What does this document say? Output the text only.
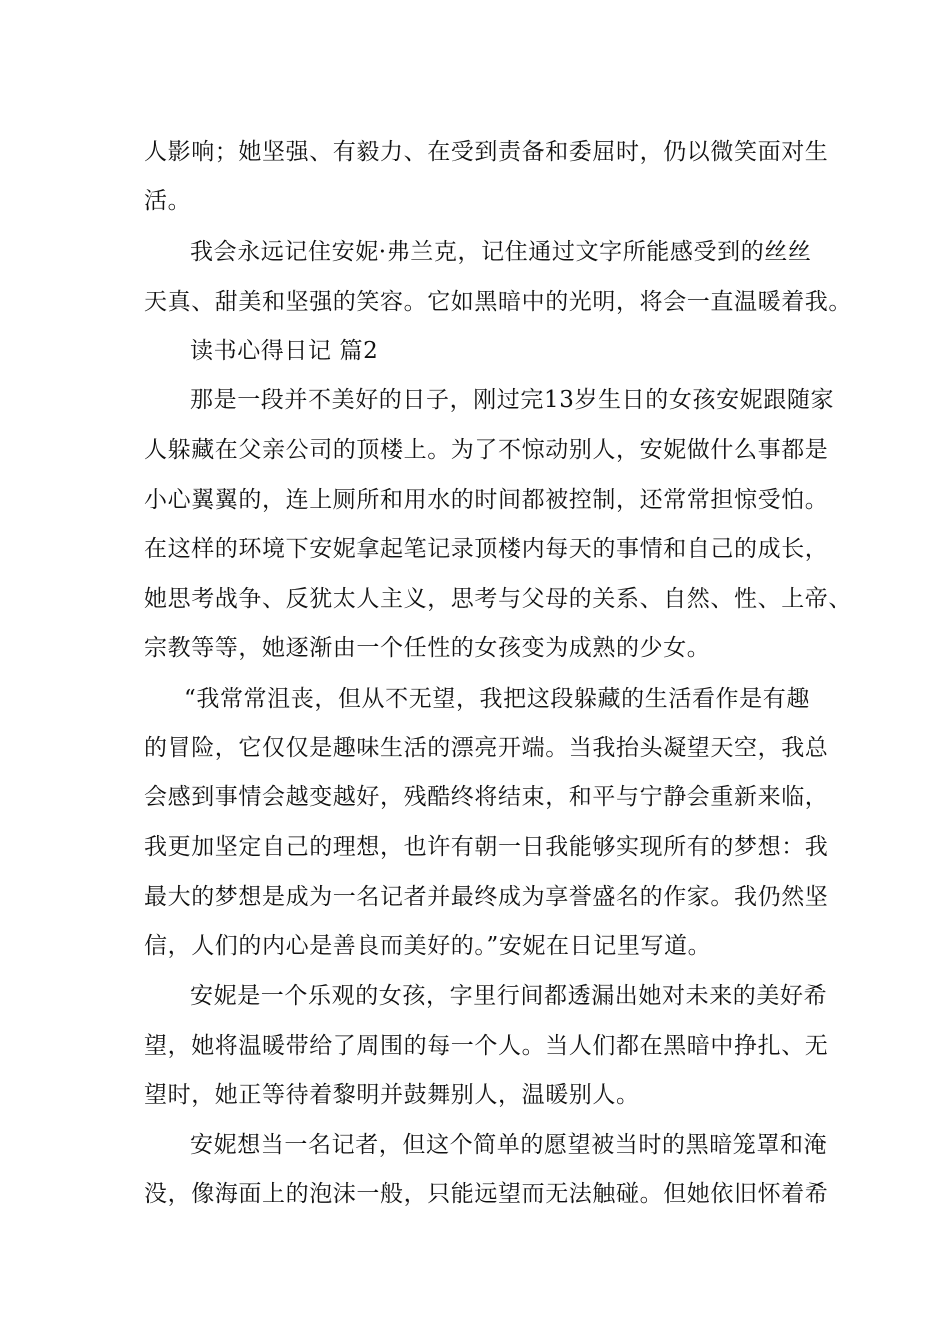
人影响；她坚强、有毅力、在受到责备和委屈时，仍以微笑面对生
活。
我会永远记住安妮·弗兰克，记住通过文字所能感受到的丝丝
天真、甜美和坚强的笑容。它如黑暗中的光明，将会一直温暖着我。
读书心得日记 篇2
那是一段并不美好的日子，刚过完13岁生日的女孩安妮跟随家
人躲藏在父亲公司的顶楼上。为了不惊动别人，安妮做什么事都是
小心翼翼的，连上厕所和用水的时间都被控制，还常常担惊受怕。
在这样的环境下安妮拿起笔记录顶楼内每天的事情和自己的成长，
她思考战争、反犹太人主义，思考与父母的关系、自然、性、上帝、
宗教等等，她逐渐由一个任性的女孩变为成熟的少女。
“我常常沮丧，但从不无望，我把这段躲藏的生活看作是有趣
的冒险，它仅仅是趣味生活的漂亮开端。当我抬头凝望天空，我总
会感到事情会越变越好，残酷终将结束，和平与宁静会重新来临，
我更加坚定自己的理想，也许有朝一日我能够实现所有的梦想：我
最大的梦想是成为一名记者并最终成为享誉盛名的作家。我仍然坚
信，人们的内心是善良而美好的。”安妮在日记里写道。
安妮是一个乐观的女孩，字里行间都透漏出她对未来的美好希
望，她将温暖带给了周围的每一个人。当人们都在黑暗中挣扎、无
望时，她正等待着黎明并鼓舞别人，温暖别人。
安妮想当一名记者，但这个简单的愿望被当时的黑暗笼罩和淹
没，像海面上的泡沫一般，只能远望而无法触碰。但她依旧怀着希
